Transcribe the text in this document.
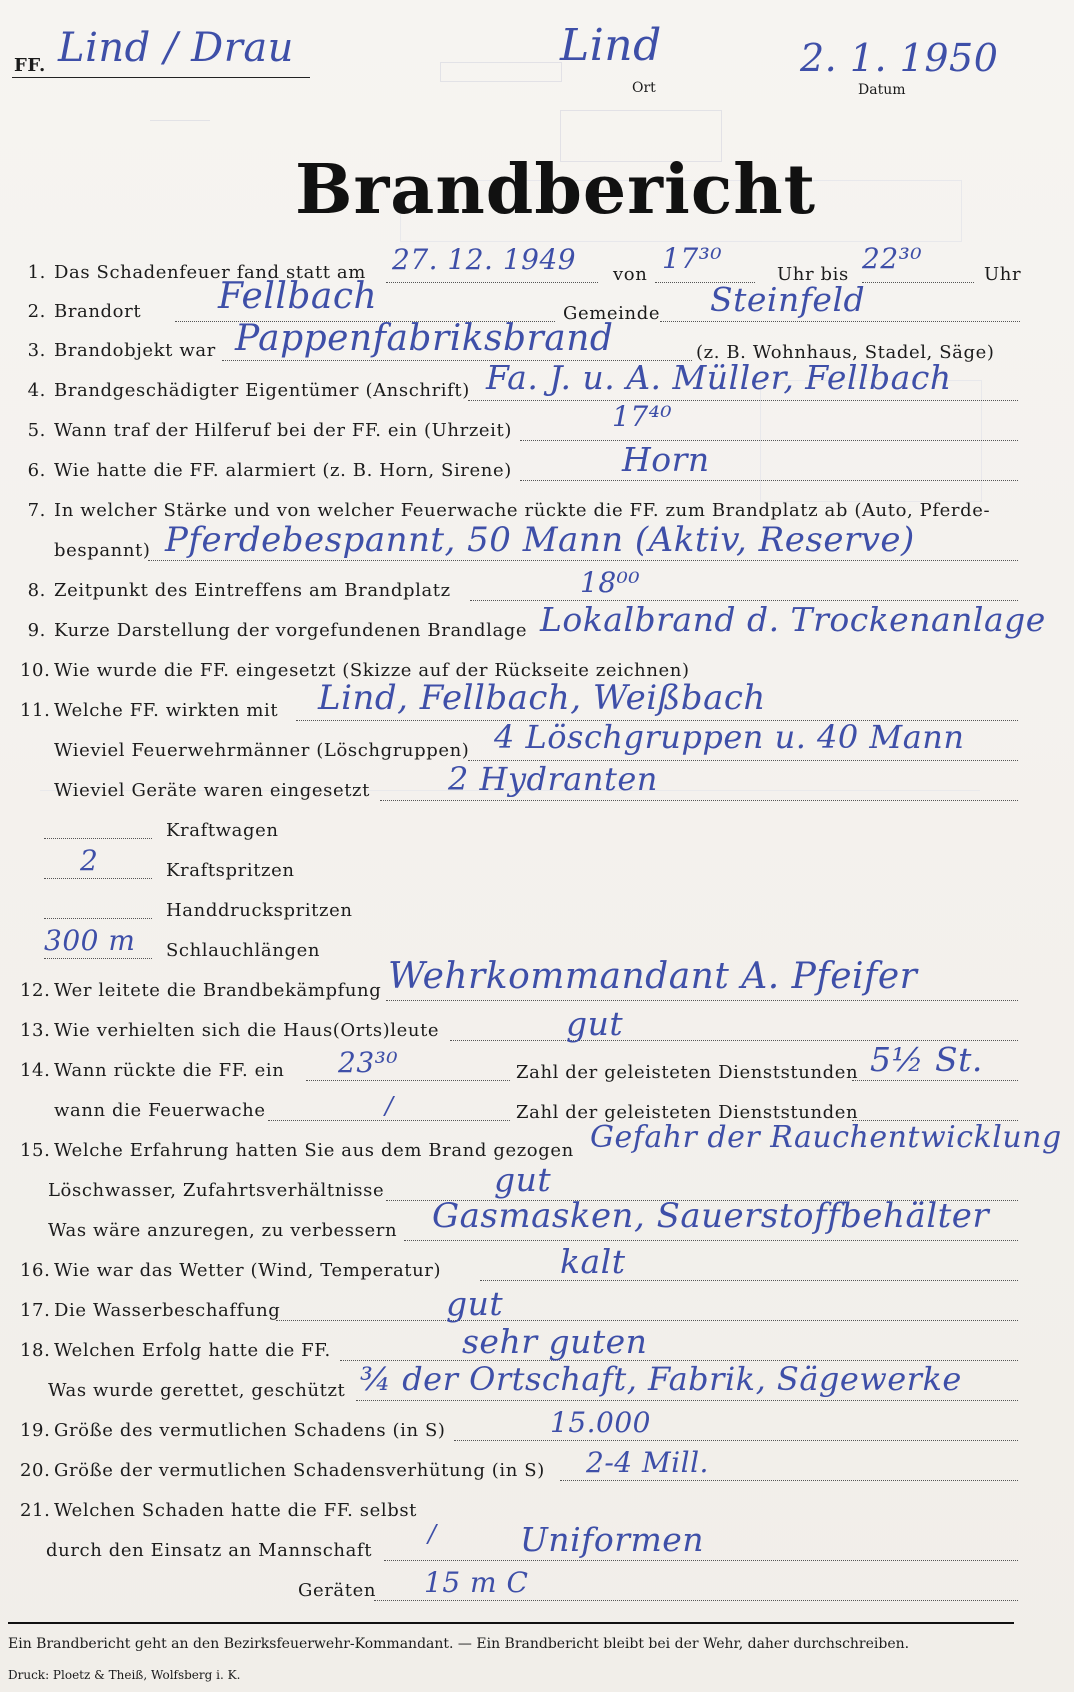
FF. Lind / Drau	Lind
Ort
2. 1. 1950
Datum
Brandbericht
1. Das Schadenfeuer fand statt am 27. 12. 1949 von 17³⁰	Uhr bis 22³⁰	Uhr
2. Brandort Fellbach	Gemeinde Steinfeld
3. Brandobjekt war Pappenfabriksbrand	(z. B. Wohnhaus, Stadel, Säge)
4. Brandgeschädigter Eigentümer (Anschrift) Fa. J. u. A. Müller, Fellbach
5. Wann traf der Hilferuf bei der FF. ein (Uhrzeit)	17⁴⁰
6. Wie hatte die FF. alarmiert (z. B. Horn, Sirene)	Horn
7. In welcher Stärke und von welcher Feuerwache rückte die FF. zum Brandplatz ab (Auto, Pferde-
bespannt) Pferdebespannt, 50 Mann (Aktiv, Reserve)
8. Zeitpunkt des Eintreffens am Brandplatz	18⁰⁰
9. Kurze Darstellung der vorgefundenen Brandlage Lokalbrand d. Trockenanlage
10. Wie wurde die FF. eingesetzt (Skizze auf der Rückseite zeichnen)
11. Welche FF. wirkten mit Lind, Fellbach, Weißbach
Wieviel Feuerwehrmänner (Löschgruppen) 4 Löschgruppen u. 40 Mann
Wieviel Geräte waren eingesetzt 2 Hydranten
Kraftwagen
2	Kraftspritzen
Handdruckspritzen
300 m Schlauchlängen
12. Wer leitete die Brandbekämpfung Wehrkommandant A. Pfeifer
13. Wie verhielten sich die Haus(Orts)leute	gut
14. Wann rückte die FF. ein 23³⁰	Zahl der geleisteten Dienststunden 5½ St.
wann die Feuerwache	/	Zahl der geleisteten Dienststunden
15. Welche Erfahrung hatten Sie aus dem Brand gezogen Gefahr der Rauchentwicklung
Löschwasser, Zufahrtsverhältnisse	gut
Was wäre anzuregen, zu verbessern Gasmasken, Sauerstoffbehälter
16. Wie war das Wetter (Wind, Temperatur)	kalt
17. Die Wasserbeschaffung	gut
18. Welchen Erfolg hatte die FF.	sehr guten
Was wurde gerettet, geschützt ¾ der Ortschaft, Fabrik, Sägewerke
19. Größe des vermutlichen Schadens (in S)	15.000
20. Größe der vermutlichen Schadensverhütung (in S) 2-4 Mill.
21. Welchen Schaden hatte die FF. selbst
durch den Einsatz an Mannschaft
/	Uniformen
Geräten 15 m C
Ein Brandbericht geht an den Bezirksfeuerwehr-Kommandant. — Ein Brandbericht bleibt bei der Wehr, daher durchschreiben.
Druck: Ploetz & Theiß, Wolfsberg i. K.
